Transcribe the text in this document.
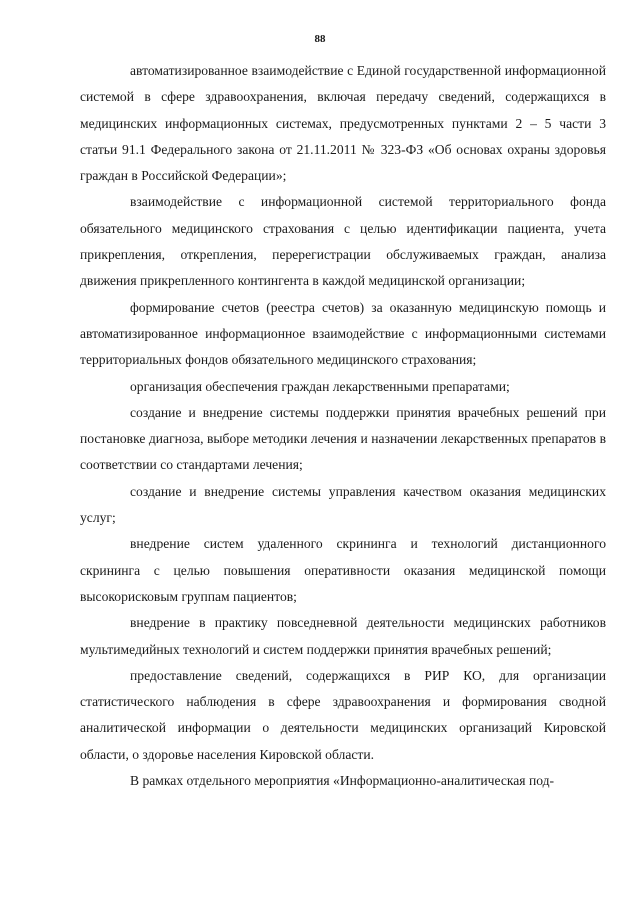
88

автоматизированное взаимодействие с Единой государственной информационной системой в сфере здравоохранения, включая передачу сведений, содержащихся в медицинских информационных системах, предусмотренных пунктами 2 – 5 части 3 статьи 91.1 Федерального закона от 21.11.2011 № 323-ФЗ «Об основах охраны здоровья граждан в Российской Федерации»;

взаимодействие с информационной системой территориального фонда обязательного медицинского страхования с целью идентификации пациента, учета прикрепления, открепления, перерегистрации обслуживаемых граждан, анализа движения прикрепленного контингента в каждой медицинской организации;

формирование счетов (реестра счетов) за оказанную медицинскую помощь и автоматизированное информационное взаимодействие с информационными системами территориальных фондов обязательного медицинского страхования;

организация обеспечения граждан лекарственными препаратами;

создание и внедрение системы поддержки принятия врачебных решений при постановке диагноза, выборе методики лечения и назначении лекарственных препаратов в соответствии со стандартами лечения;

создание и внедрение системы управления качеством оказания медицинских услуг;

внедрение систем удаленного скрининга и технологий дистанционного скрининга с целью повышения оперативности оказания медицинской помощи высокорисковым группам пациентов;

внедрение в практику повседневной деятельности медицинских работников мультимедийных технологий и систем поддержки принятия врачебных решений;

предоставление сведений, содержащихся в РИР КО, для организации статистического наблюдения в сфере здравоохранения и формирования сводной аналитической информации о деятельности медицинских организаций Кировской области, о здоровье населения Кировской области.

В рамках отдельного мероприятия «Информационно-аналитическая под-
